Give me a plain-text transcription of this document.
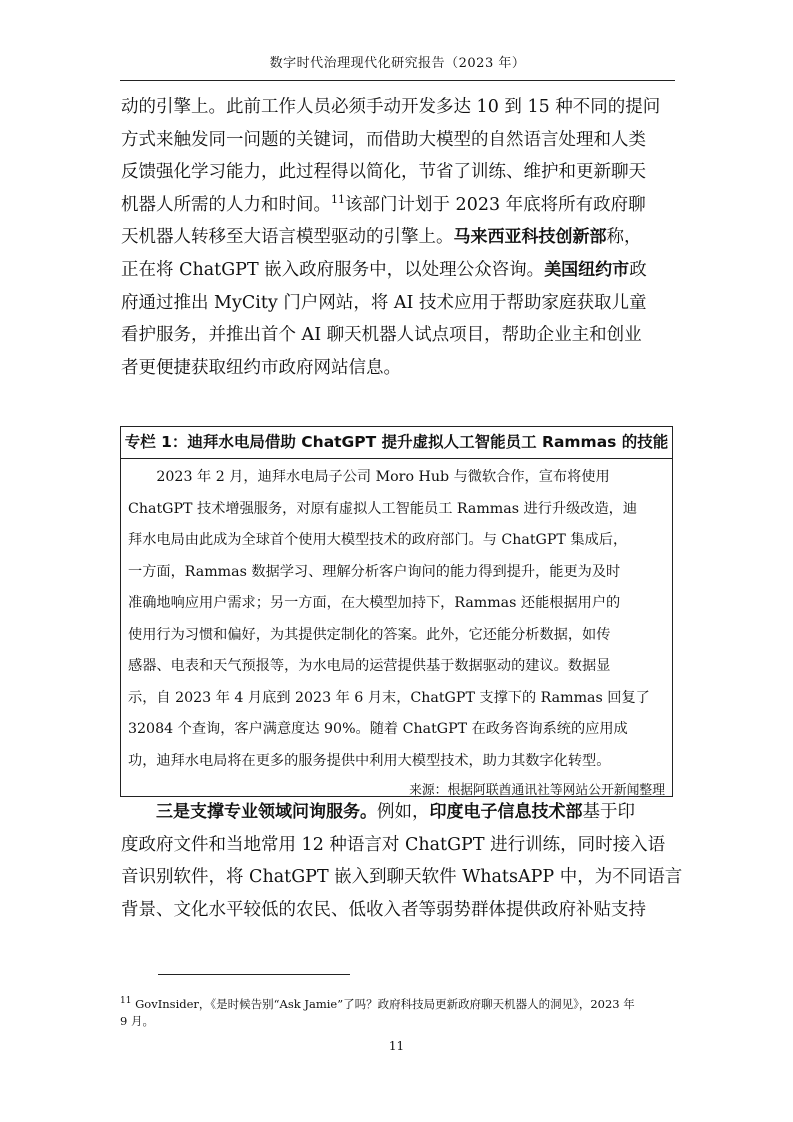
数字时代治理现代化研究报告（2023 年）
动的引擎上。此前工作人员必须手动开发多达 10 到 15 种不同的提问
方式来触发同一问题的关键词，而借助大模型的自然语言处理和人类
反馈强化学习能力，此过程得以简化，节省了训练、维护和更新聊天
机器人所需的人力和时间。$^{11}$该部门计划于 2023 年底将所有政府聊
天机器人转移至大语言模型驱动的引擎上。马来西亚科技创新部称，
正在将 ChatGPT 嵌入政府服务中，以处理公众咨询。美国纽约市政
府通过推出 MyCity 门户网站，将 AI 技术应用于帮助家庭获取儿童
看护服务，并推出首个 AI 聊天机器人试点项目，帮助企业主和创业
者更便捷获取纽约市政府网站信息。
专栏 1：迪拜水电局借助 ChatGPT 提升虚拟人工智能员工 Rammas 的技能
　　2023 年 2 月，迪拜水电局子公司 Moro Hub 与微软合作，宣布将使用
ChatGPT 技术增强服务，对原有虚拟人工智能员工 Rammas 进行升级改造，迪
拜水电局由此成为全球首个使用大模型技术的政府部门。与 ChatGPT 集成后，
一方面，Rammas 数据学习、理解分析客户询问的能力得到提升，能更为及时
准确地响应用户需求；另一方面，在大模型加持下，Rammas 还能根据用户的
使用行为习惯和偏好，为其提供定制化的答案。此外，它还能分析数据，如传
感器、电表和天气预报等，为水电局的运营提供基于数据驱动的建议。数据显
示，自 2023 年 4 月底到 2023 年 6 月末，ChatGPT 支撑下的 Rammas 回复了
32084 个查询，客户满意度达 90%。随着 ChatGPT 在政务咨询系统的应用成
功，迪拜水电局将在更多的服务提供中利用大模型技术，助力其数字化转型。
来源：根据阿联酋通讯社等网站公开新闻整理
　　三是支撑专业领域问询服务。例如，印度电子信息技术部基于印
度政府文件和当地常用 12 种语言对 ChatGPT 进行训练，同时接入语
音识别软件，将 ChatGPT 嵌入到聊天软件 WhatsAPP 中，为不同语言
背景、文化水平较低的农民、低收入者等弱势群体提供政府补贴支持
$^{11}$ GovInsider，《是时候告别“Ask Jamie”了吗？政府科技局更新政府聊天机器人的洞见》，2023 年
9 月。
11
